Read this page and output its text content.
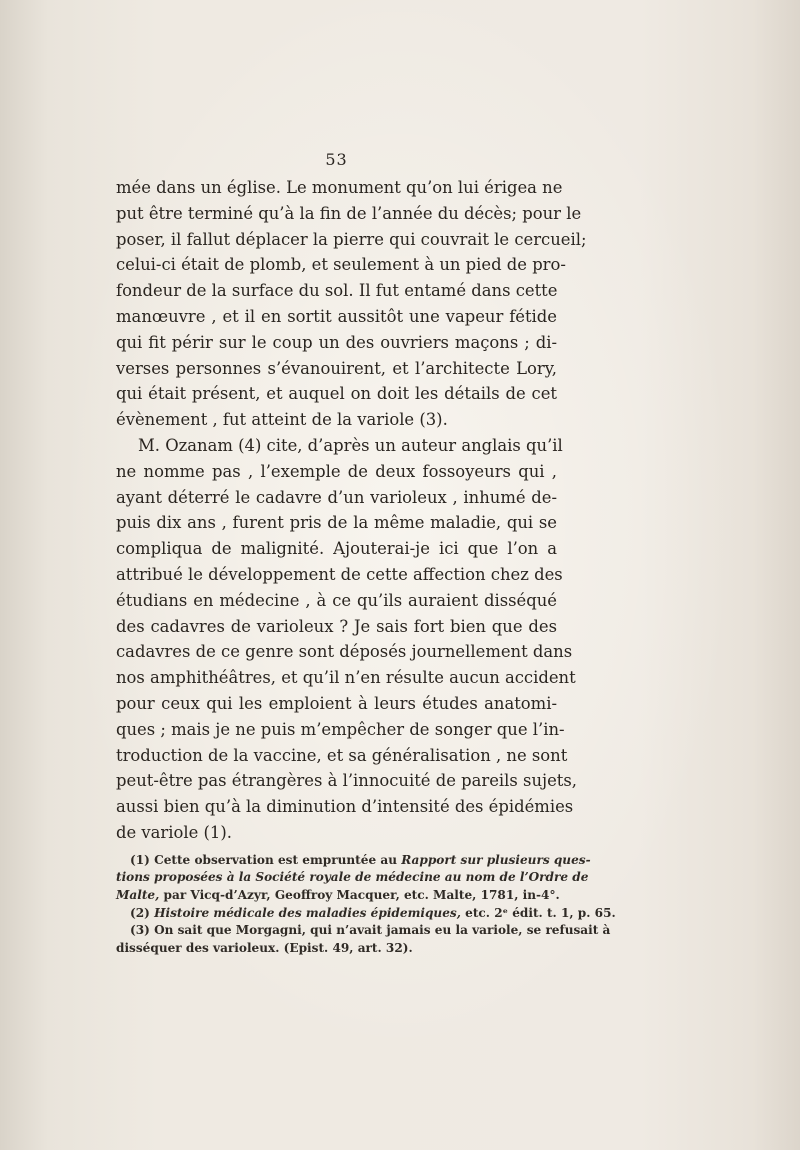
53
mée dans un église. Le monument qu’on lui érigea ne
put être terminé qu’à la fin de l’année du décès; pour le
poser, il fallut déplacer la pierre qui couvrait le cercueil;
celui-ci était de plomb, et seulement à un pied de pro-
fondeur de la surface du sol. Il fut entamé dans cette
manœuvre , et il en sortit aussitôt une vapeur fétide
qui fit périr sur le coup un des ouvriers maçons ; di-
verses personnes s’évanouirent, et l’architecte Lory,
qui était présent, et auquel on doit les détails de cet
évènement , fut atteint de la variole (3).
M. Ozanam (4) cite, d’après un auteur anglais qu’il
ne nomme pas , l’exemple de deux fossoyeurs qui ,
ayant déterré le cadavre d’un varioleux , inhumé de-
puis dix ans , furent pris de la même maladie, qui se
compliqua de malignité. Ajouterai-je ici que l’on a
attribué le développement de cette affection chez des
étudians en médecine , à ce qu’ils auraient disséqué
des cadavres de varioleux ? Je sais fort bien que des
cadavres de ce genre sont déposés journellement dans
nos amphithéâtres, et qu’il n’en résulte aucun accident
pour ceux qui les emploient à leurs études anatomi-
ques ; mais je ne puis m’empêcher de songer que l’in-
troduction de la vaccine, et sa généralisation , ne sont
peut-être pas étrangères à l’innocuité de pareils sujets,
aussi bien qu’à la diminution d’intensité des épidémies
de variole (1).
(1) Cette observation est empruntée au Rapport sur plusieurs ques-
tions proposées à la Société royale de médecine au nom de l’Ordre de
Malte, par Vicq-d’Azyr, Geoffroy Macquer, etc. Malte, 1781, in-4°.
(2) Histoire médicale des maladies épidemiques, etc. 2ᵉ édit. t. 1, p. 65.
(3) On sait que Morgagni, qui n’avait jamais eu la variole, se refusait à
disséquer des varioleux. (Epist. 49, art. 32).
